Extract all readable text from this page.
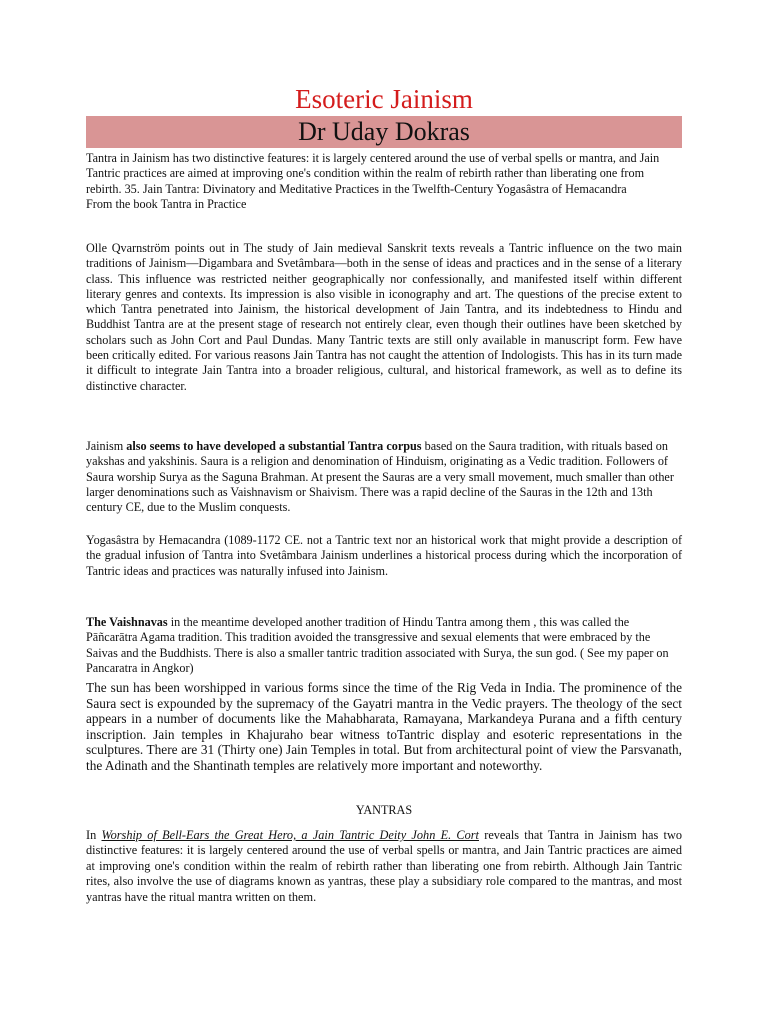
Esoteric Jainism
Dr Uday Dokras
Tantra in Jainism has two distinctive features: it is largely centered around the use of verbal spells or mantra, and Jain Tantric practices are aimed at improving one's condition within the realm of rebirth rather than liberating one from rebirth. 35. Jain Tantra: Divinatory and Meditative Practices in the Twelfth-Century Yogasâstra of Hemacandra
From the book Tantra in Practice

Olle Qvarnström points out in The study of Jain medieval Sanskrit texts reveals a Tantric influence on the two main traditions of Jainism—Digambara and Svetâmbara—both in the sense of ideas and practices and in the sense of a literary class. This influence was restricted neither geographically nor confessionally, and manifested itself within different literary genres and contexts. Its impression is also visible in iconography and art. The questions of the precise extent to which Tantra penetrated into Jainism, the historical development of Jain Tantra, and its indebtedness to Hindu and Buddhist Tantra are at the present stage of research not entirely clear, even though their outlines have been sketched by scholars such as John Cort and Paul Dundas. Many Tantric texts are still only available in manuscript form. Few have been critically edited. For various reasons Jain Tantra has not caught the attention of Indologists. This has in its turn made it difficult to integrate Jain Tantra into a broader religious, cultural, and historical framework, as well as to define its distinctive character.

Jainism also seems to have developed a substantial Tantra corpus based on the Saura tradition, with rituals based on yakshas and yakshinis. Saura is a religion and denomination of Hinduism, originating as a Vedic tradition. Followers of Saura worship Surya as the Saguna Brahman. At present the Sauras are a very small movement, much smaller than other larger denominations such as Vaishnavism or Shaivism. There was a rapid decline of the Sauras in the 12th and 13th century CE, due to the Muslim conquests.

Yogasâstra by Hemacandra (1089-1172 CE. not a Tantric text nor an historical work that might provide a description of the gradual infusion of Tantra into Svetâmbara Jainism underlines a historical process during which the incorporation of Tantric ideas and practices was naturally infused into Jainism.

The Vaishnavas in the meantime developed another tradition of Hindu Tantra among them , this was called the Pāñcarātra Agama tradition. This tradition avoided the transgressive and sexual elements that were embraced by the Saivas and the Buddhists. There is also a smaller tantric tradition associated with Surya, the sun god. ( See my paper on Pancaratra in Angkor)

The sun has been worshipped in various forms since the time of the Rig Veda in India. The prominence of the Saura sect is expounded by the supremacy of the Gayatri mantra in the Vedic prayers. The theology of the sect appears in a number of documents like the Mahabharata, Ramayana, Markandeya Purana and a fifth century inscription. Jain temples in Khajuraho bear witness toTantric display and esoteric representations in the sculptures. There are 31 (Thirty one) Jain Temples in total. But from architectural point of view the Parsvanath, the Adinath and the Shantinath temples are relatively more important and noteworthy.

YANTRAS

In Worship of Bell-Ears the Great Hero, a Jain Tantric Deity John E. Cort reveals that Tantra in Jainism has two distinctive features: it is largely centered around the use of verbal spells or mantra, and Jain Tantric practices are aimed at improving one's condition within the realm of rebirth rather than liberating one from rebirth. Although Jain Tantric rites, also involve the use of diagrams known as yantras, these play a subsidiary role compared to the mantras, and most yantras have the ritual mantra written on them.
